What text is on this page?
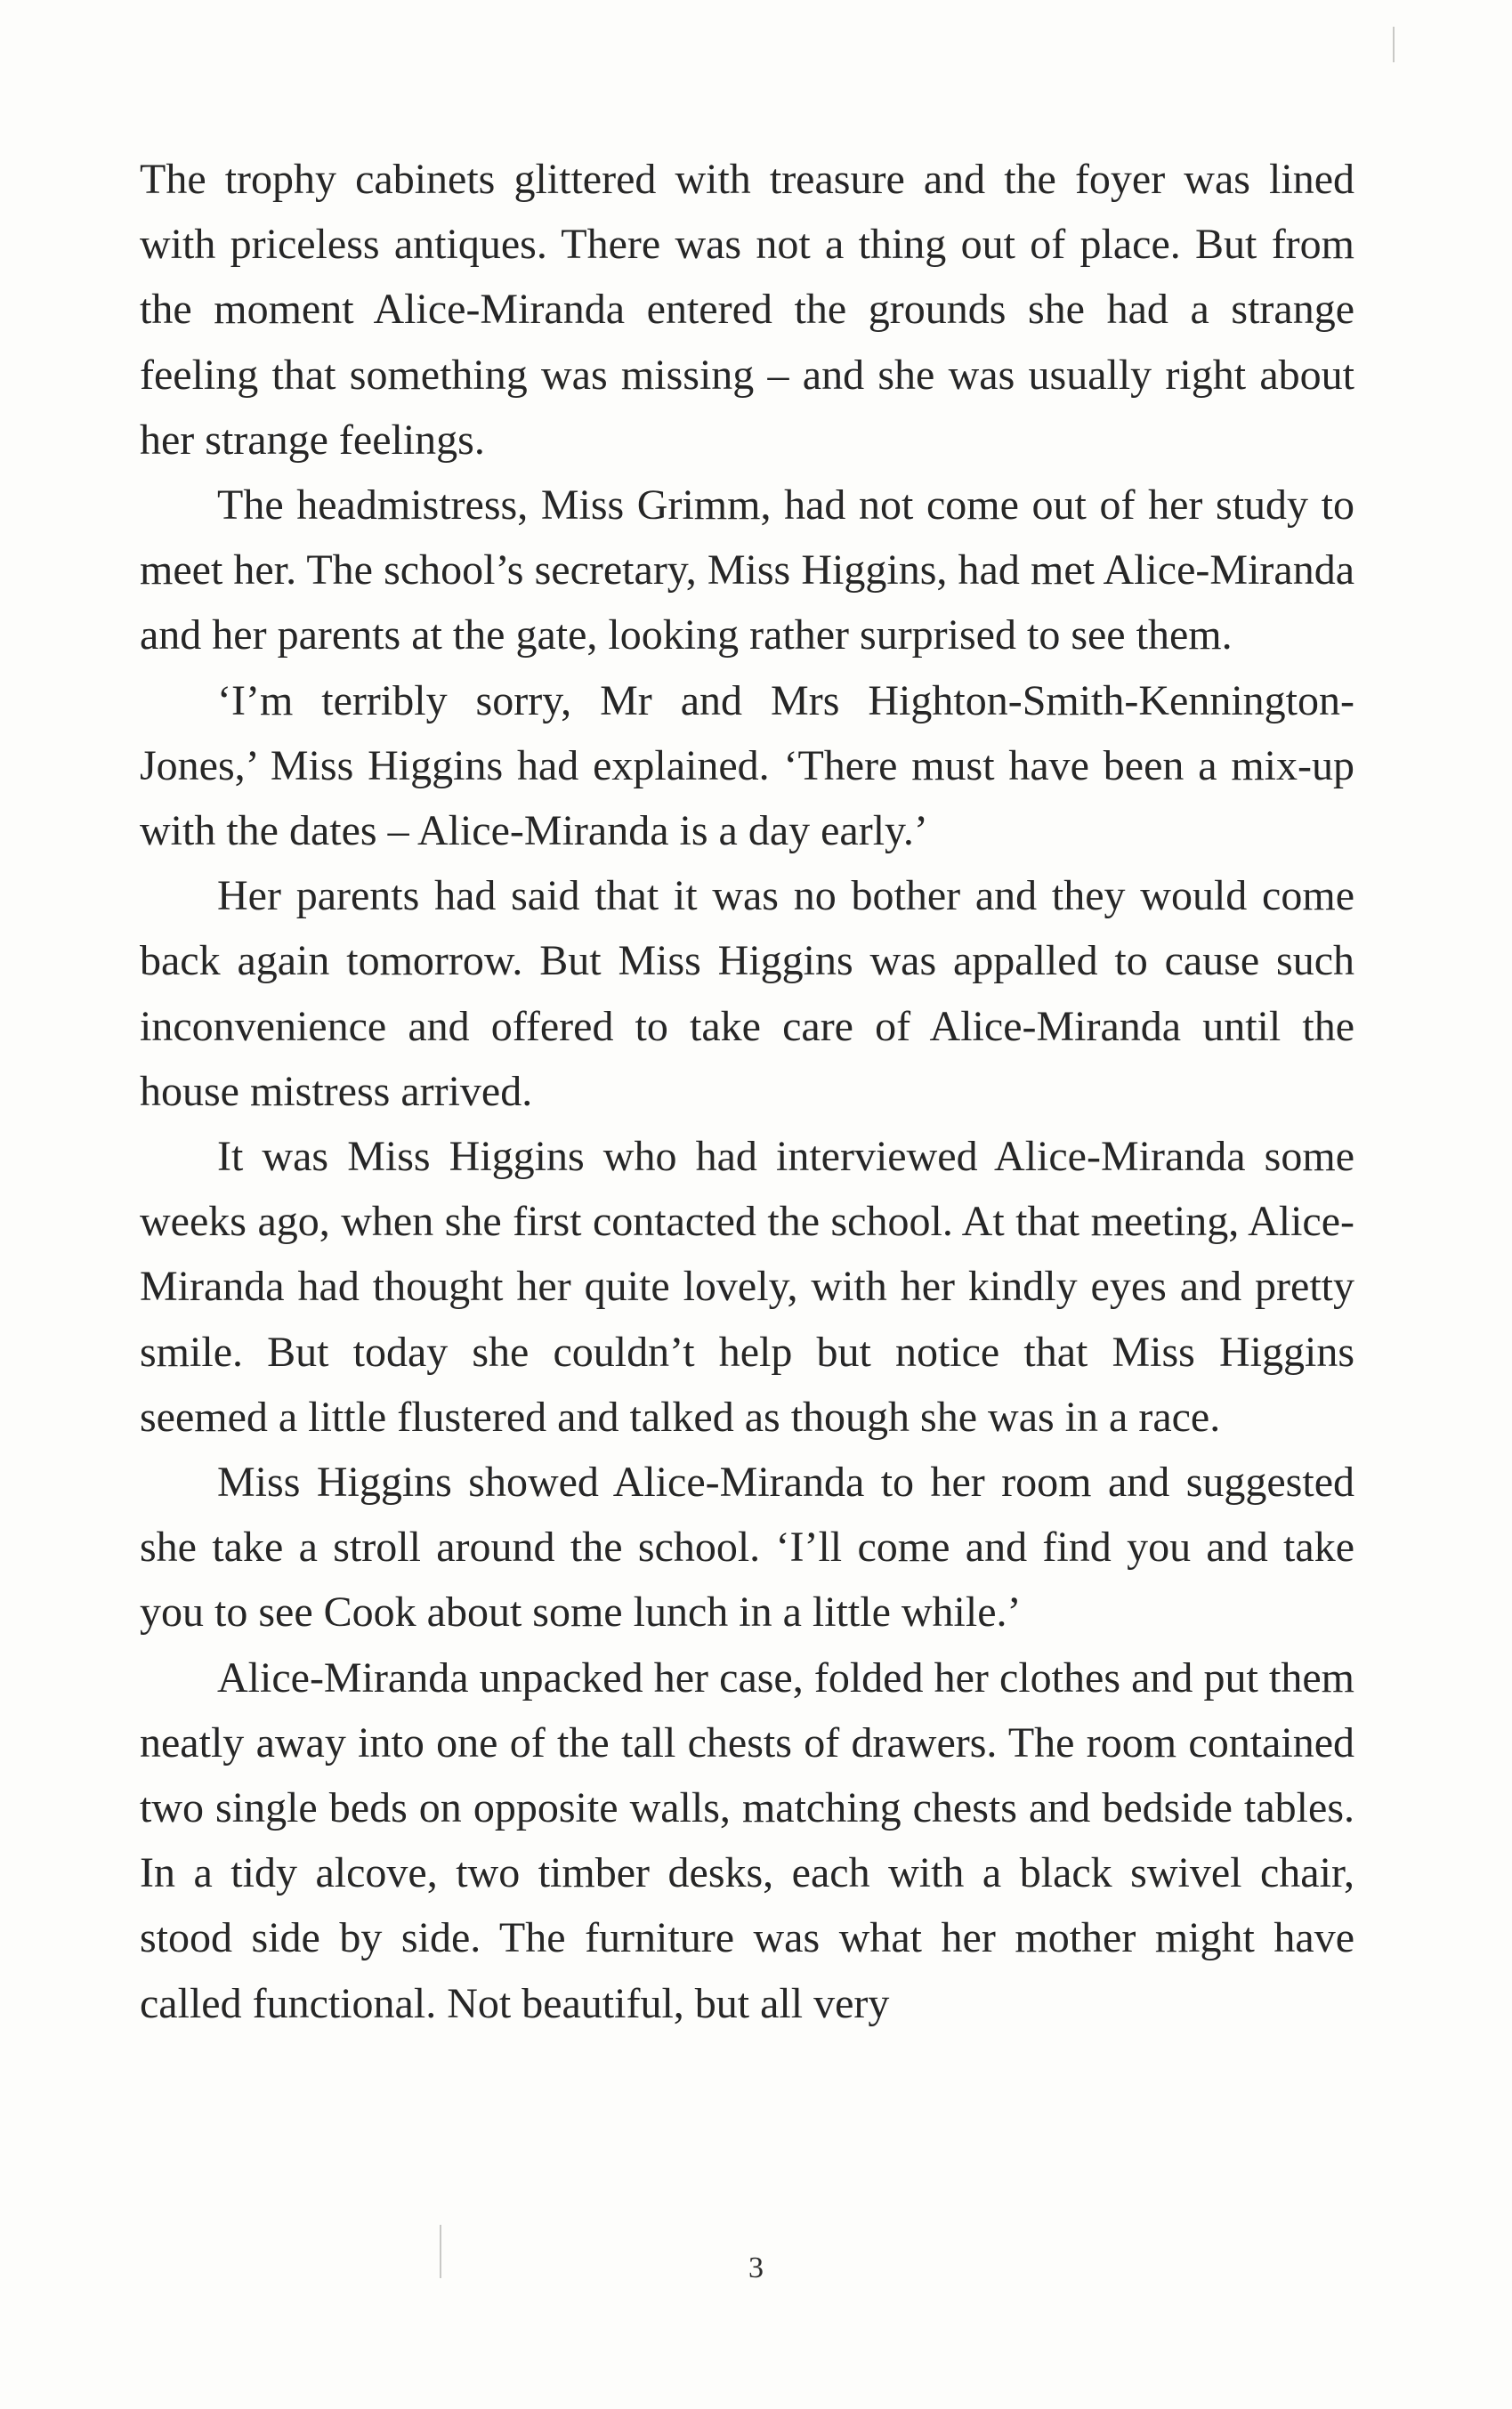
The trophy cabinets glittered with treasure and the foyer was lined with priceless antiques. There was not a thing out of place. But from the moment Alice-Miranda entered the grounds she had a strange feeling that something was missing – and she was usually right about her strange feelings.

The headmistress, Miss Grimm, had not come out of her study to meet her. The school’s secretary, Miss Higgins, had met Alice-Miranda and her parents at the gate, looking rather surprised to see them.

‘I’m terribly sorry, Mr and Mrs Highton-Smith-Kennington-Jones,’ Miss Higgins had explained. ‘There must have been a mix-up with the dates – Alice-Miranda is a day early.’

Her parents had said that it was no bother and they would come back again tomorrow. But Miss Higgins was appalled to cause such inconvenience and offered to take care of Alice-Miranda until the house mistress arrived.

It was Miss Higgins who had interviewed Alice-Miranda some weeks ago, when she first contacted the school. At that meeting, Alice-Miranda had thought her quite lovely, with her kindly eyes and pretty smile. But today she couldn’t help but notice that Miss Higgins seemed a little flustered and talked as though she was in a race.

Miss Higgins showed Alice-Miranda to her room and suggested she take a stroll around the school. ‘I’ll come and find you and take you to see Cook about some lunch in a little while.’

Alice-Miranda unpacked her case, folded her clothes and put them neatly away into one of the tall chests of drawers. The room contained two single beds on opposite walls, matching chests and bedside tables. In a tidy alcove, two timber desks, each with a black swivel chair, stood side by side. The furniture was what her mother might have called functional. Not beautiful, but all very

3
